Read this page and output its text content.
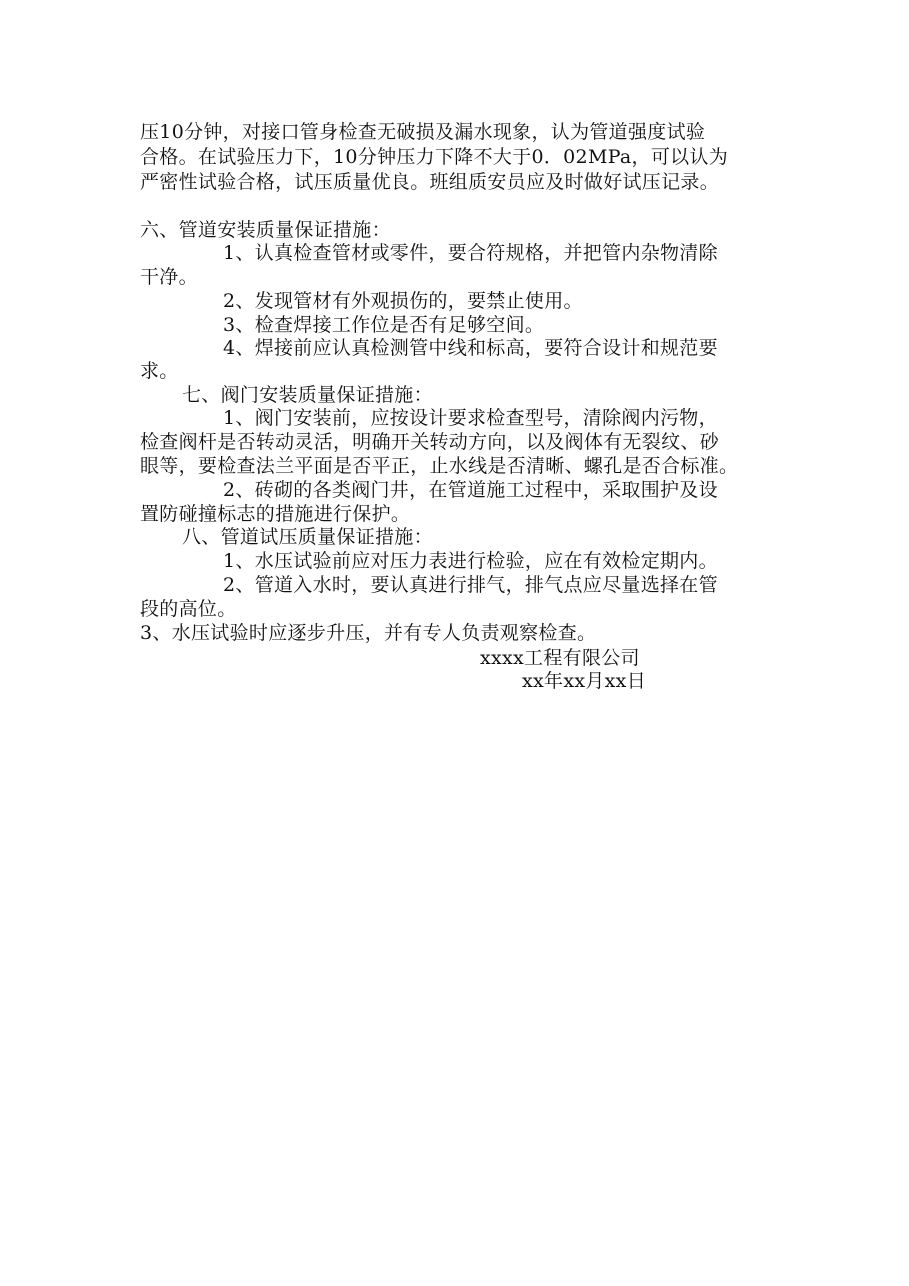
压10分钟，对接口管身检查无破损及漏水现象，认为管道强度试验
合格。在试验压力下，10分钟压力下降不大于0．02MPa，可以认为
严密性试验合格，试压质量优良。班组质安员应及时做好试压记录。
六、管道安装质量保证措施：
1、认真检查管材或零件，要合符规格，并把管内杂物清除
干净。
2、发现管材有外观损伤的，要禁止使用。
3、检查焊接工作位是否有足够空间。
4、焊接前应认真检测管中线和标高，要符合设计和规范要
求。
七、阀门安装质量保证措施：
1、阀门安装前，应按设计要求检查型号，清除阀内污物，
检查阀杆是否转动灵活，明确开关转动方向，以及阀体有无裂纹、砂
眼等，要检查法兰平面是否平正，止水线是否清晰、螺孔是否合标准。
2、砖砌的各类阀门井，在管道施工过程中，采取围护及设
置防碰撞标志的措施进行保护。
八、管道试压质量保证措施：
1、水压试验前应对压力表进行检验，应在有效检定期内。
2、管道入水时，要认真进行排气，排气点应尽量选择在管
段的高位。
3、水压试验时应逐步升压，并有专人负责观察检查。
xxxx工程有限公司
xx年xx月xx日
